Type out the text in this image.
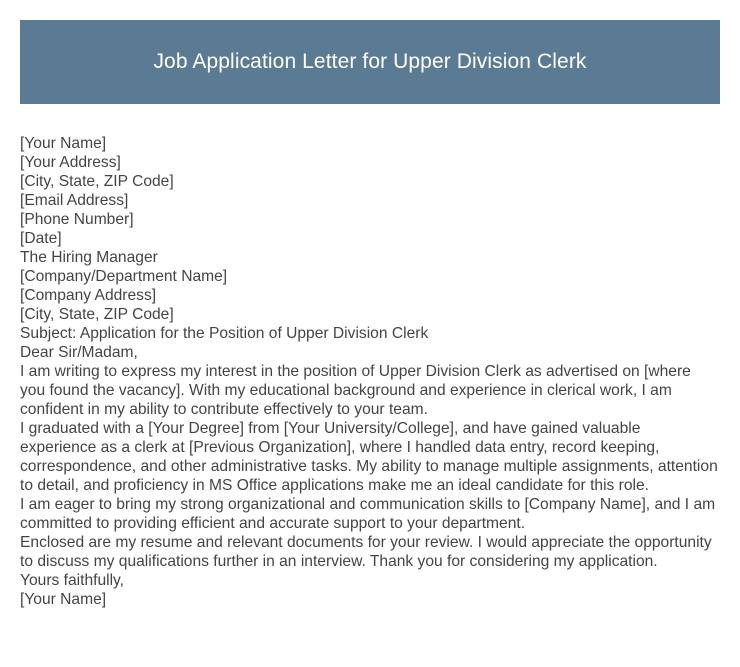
Job Application Letter for Upper Division Clerk

[Your Name]

[Your Address]

[City, State, ZIP Code]

[Email Address]

[Phone Number]

[Date]

The Hiring Manager

[Company/Department Name]

[Company Address]

[City, State, ZIP Code]

Subject: Application for the Position of Upper Division Clerk

Dear Sir/Madam,

I am writing to express my interest in the position of Upper Division Clerk as advertised on [where you found the vacancy]. With my educational background and experience in clerical work, I am confident in my ability to contribute effectively to your team.

I graduated with a [Your Degree] from [Your University/College], and have gained valuable experience as a clerk at [Previous Organization], where I handled data entry, record keeping, correspondence, and other administrative tasks. My ability to manage multiple assignments, attention to detail, and proficiency in MS Office applications make me an ideal candidate for this role.

I am eager to bring my strong organizational and communication skills to [Company Name], and I am committed to providing efficient and accurate support to your department.

Enclosed are my resume and relevant documents for your review. I would appreciate the opportunity to discuss my qualifications further in an interview. Thank you for considering my application.

Yours faithfully,

[Your Name]
